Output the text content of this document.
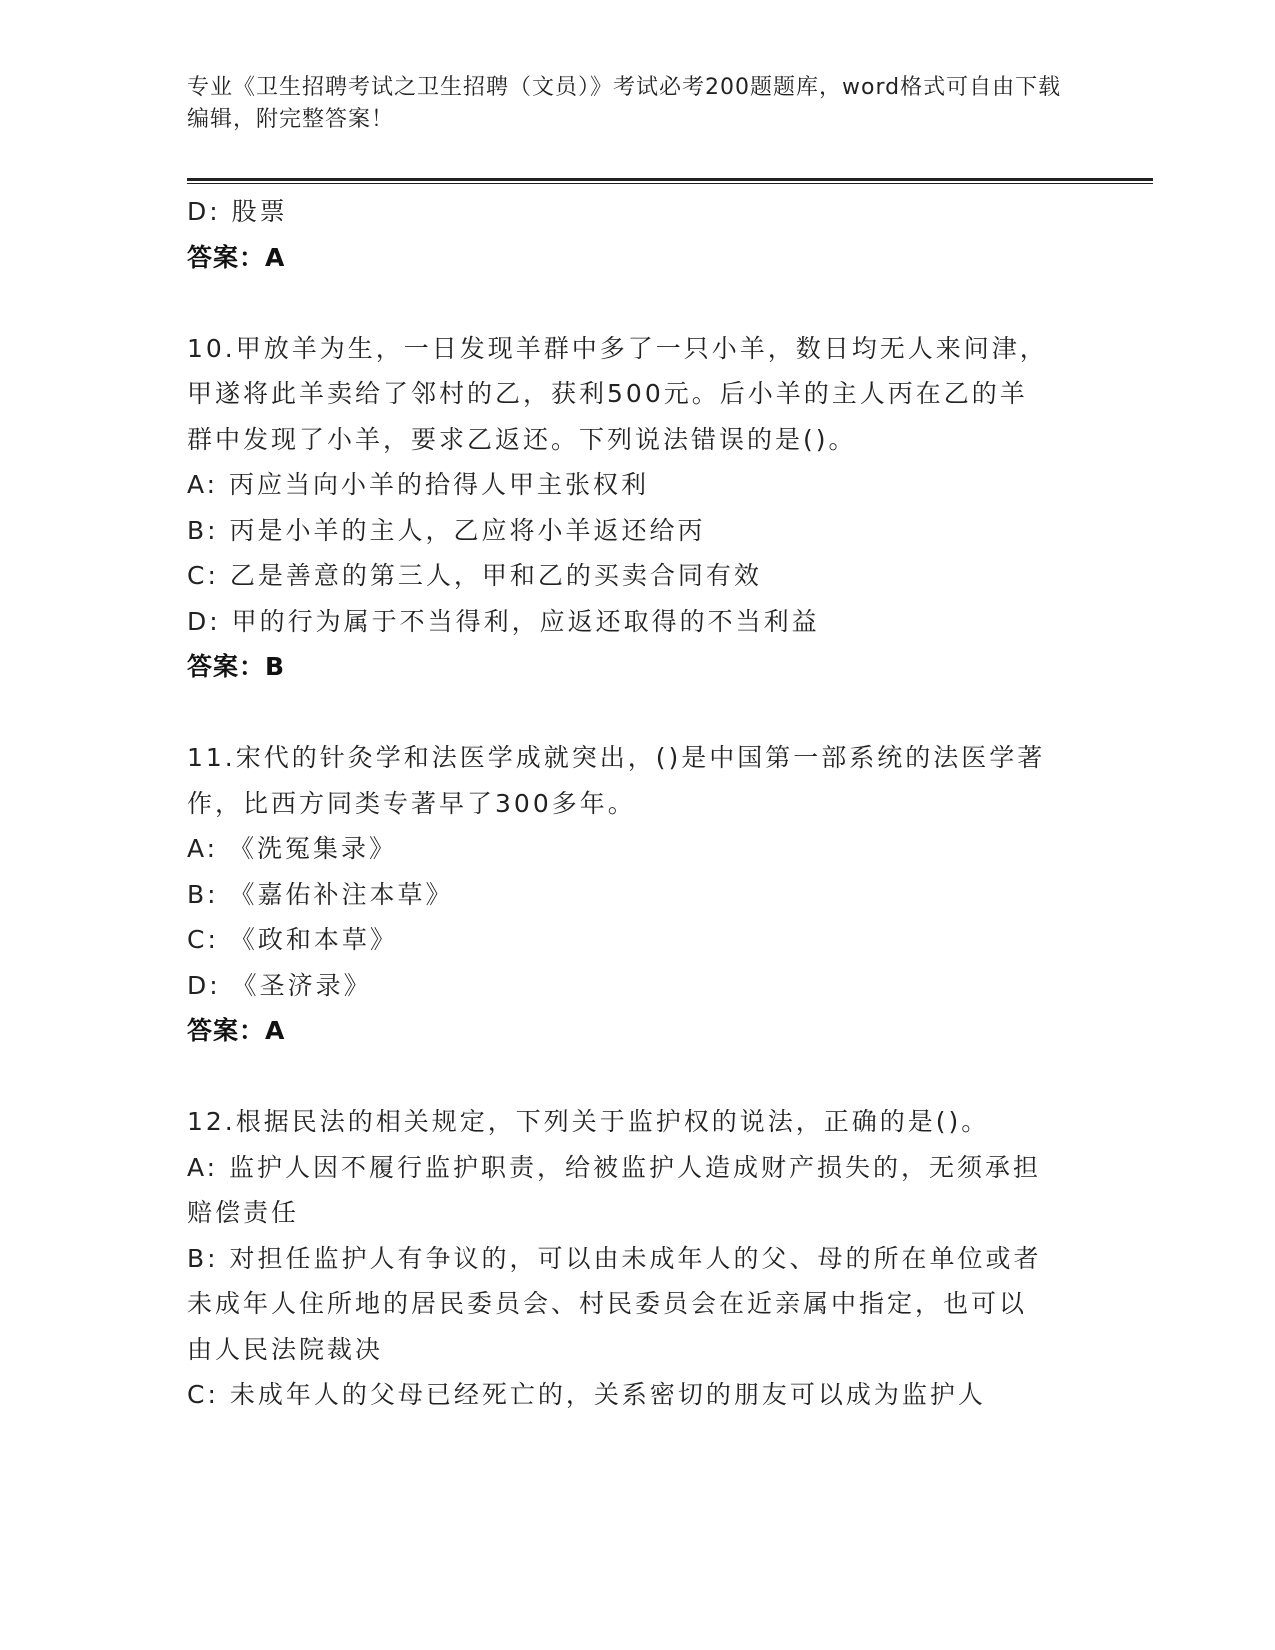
专业《卫生招聘考试之卫生招聘（文员）》考试必考200题题库，word格式可自由下载编辑，附完整答案！
D: 股票
答案：A
10.甲放羊为生，一日发现羊群中多了一只小羊，数日均无人来问津，
甲遂将此羊卖给了邻村的乙，获利500元。后小羊的主人丙在乙的羊
群中发现了小羊，要求乙返还。下列说法错误的是()。
A: 丙应当向小羊的拾得人甲主张权利
B: 丙是小羊的主人，乙应将小羊返还给丙
C: 乙是善意的第三人，甲和乙的买卖合同有效
D: 甲的行为属于不当得利，应返还取得的不当利益
答案：B
11.宋代的针灸学和法医学成就突出，()是中国第一部系统的法医学著
作，比西方同类专著早了300多年。
A: 《洗冤集录》
B: 《嘉佑补注本草》
C: 《政和本草》
D: 《圣济录》
答案：A
12.根据民法的相关规定，下列关于监护权的说法，正确的是()。
A: 监护人因不履行监护职责，给被监护人造成财产损失的，无须承担
赔偿责任
B: 对担任监护人有争议的，可以由未成年人的父、母的所在单位或者
未成年人住所地的居民委员会、村民委员会在近亲属中指定，也可以
由人民法院裁决
C: 未成年人的父母已经死亡的，关系密切的朋友可以成为监护人
